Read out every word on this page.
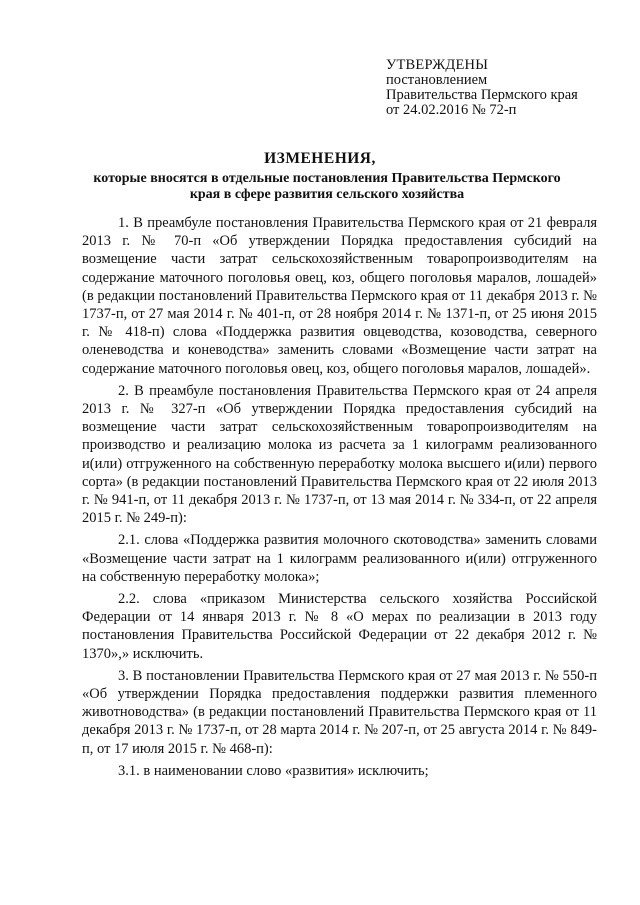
УТВЕРЖДЕНЫ
постановлением
Правительства Пермского края
от 24.02.2016 № 72-п
ИЗМЕНЕНИЯ,
которые вносятся в отдельные постановления Правительства Пермского края в сфере развития сельского хозяйства

1. В преамбуле постановления Правительства Пермского края от 21 февраля 2013 г. № 70-п «Об утверждении Порядка предоставления субсидий на возмещение части затрат сельскохозяйственным товаропроизводителям на содержание маточного поголовья овец, коз, общего поголовья маралов, лошадей» (в редакции постановлений Правительства Пермского края от 11 декабря 2013 г. № 1737-п, от 27 мая 2014 г. № 401-п, от 28 ноября 2014 г. № 1371-п, от 25 июня 2015 г. № 418-п) слова «Поддержка развития овцеводства, козоводства, северного оленеводства и коневодства» заменить словами «Возмещение части затрат на содержание маточного поголовья овец, коз, общего поголовья маралов, лошадей».

2. В преамбуле постановления Правительства Пермского края от 24 апреля 2013 г. № 327-п «Об утверждении Порядка предоставления субсидий на возмещение части затрат сельскохозяйственным товаропроизводителям на производство и реализацию молока из расчета за 1 килограмм реализованного и(или) отгруженного на собственную переработку молока высшего и(или) первого сорта» (в редакции постановлений Правительства Пермского края от 22 июля 2013 г. № 941-п, от 11 декабря 2013 г. № 1737-п, от 13 мая 2014 г. № 334-п, от 22 апреля 2015 г. № 249-п):

2.1. слова «Поддержка развития молочного скотоводства» заменить словами «Возмещение части затрат на 1 килограмм реализованного и(или) отгруженного на собственную переработку молока»;

2.2. слова «приказом Министерства сельского хозяйства Российской Федерации от 14 января 2013 г. № 8 «О мерах по реализации в 2013 году постановления Правительства Российской Федерации от 22 декабря 2012 г. № 1370»,» исключить.

3. В постановлении Правительства Пермского края от 27 мая 2013 г. № 550-п «Об утверждении Порядка предоставления поддержки развития племенного животноводства» (в редакции постановлений Правительства Пермского края от 11 декабря 2013 г. № 1737-п, от 28 марта 2014 г. № 207-п, от 25 августа 2014 г. № 849-п, от 17 июля 2015 г. № 468-п):

3.1. в наименовании слово «развития» исключить;
